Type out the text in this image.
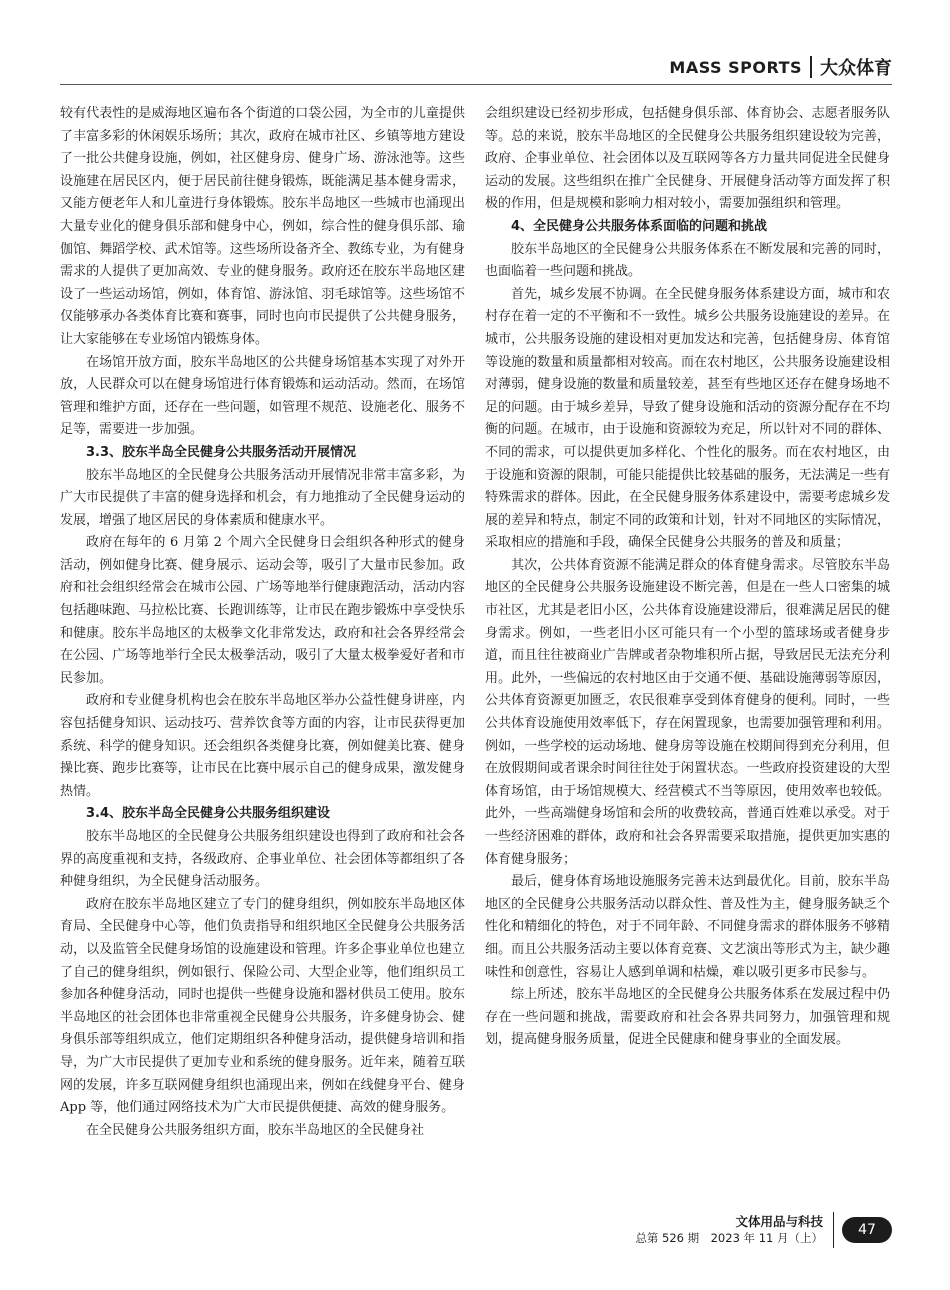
MASS SPORTS 大众体育

较有代表性的是威海地区遍布各个街道的口袋公园，为全市的儿童提供了丰富多彩的休闲娱乐场所；其次，政府在城市社区、乡镇等地方建设了一批公共健身设施，例如，社区健身房、健身广场、游泳池等。这些设施建在居民区内，便于居民前往健身锻炼，既能满足基本健身需求，又能方便老年人和儿童进行身体锻炼。胶东半岛地区一些城市也涌现出大量专业化的健身俱乐部和健身中心，例如，综合性的健身俱乐部、瑜伽馆、舞蹈学校、武术馆等。这些场所设备齐全、教练专业，为有健身需求的人提供了更加高效、专业的健身服务。政府还在胶东半岛地区建设了一些运动场馆，例如，体育馆、游泳馆、羽毛球馆等。这些场馆不仅能够承办各类体育比赛和赛事，同时也向市民提供了公共健身服务，让大家能够在专业场馆内锻炼身体。

在场馆开放方面，胶东半岛地区的公共健身场馆基本实现了对外开放，人民群众可以在健身场馆进行体育锻炼和运动活动。然而，在场馆管理和维护方面，还存在一些问题，如管理不规范、设施老化、服务不足等，需要进一步加强。

3.3、胶东半岛全民健身公共服务活动开展情况

胶东半岛地区的全民健身公共服务活动开展情况非常丰富多彩，为广大市民提供了丰富的健身选择和机会，有力地推动了全民健身运动的发展，增强了地区居民的身体素质和健康水平。

政府在每年的 6 月第 2 个周六全民健身日会组织各种形式的健身活动，例如健身比赛、健身展示、运动会等，吸引了大量市民参加。政府和社会组织经常会在城市公园、广场等地举行健康跑活动，活动内容包括趣味跑、马拉松比赛、长跑训练等，让市民在跑步锻炼中享受快乐和健康。胶东半岛地区的太极拳文化非常发达，政府和社会各界经常会在公园、广场等地举行全民太极拳活动，吸引了大量太极拳爱好者和市民参加。

政府和专业健身机构也会在胶东半岛地区举办公益性健身讲座，内容包括健身知识、运动技巧、营养饮食等方面的内容，让市民获得更加系统、科学的健身知识。还会组织各类健身比赛，例如健美比赛、健身操比赛、跑步比赛等，让市民在比赛中展示自己的健身成果，激发健身热情。

3.4、胶东半岛全民健身公共服务组织建设

胶东半岛地区的全民健身公共服务组织建设也得到了政府和社会各界的高度重视和支持，各级政府、企事业单位、社会团体等都组织了各种健身组织，为全民健身活动服务。

政府在胶东半岛地区建立了专门的健身组织，例如胶东半岛地区体育局、全民健身中心等，他们负责指导和组织地区全民健身公共服务活动，以及监管全民健身场馆的设施建设和管理。许多企事业单位也建立了自己的健身组织，例如银行、保险公司、大型企业等，他们组织员工参加各种健身活动，同时也提供一些健身设施和器材供员工使用。胶东半岛地区的社会团体也非常重视全民健身公共服务，许多健身协会、健身俱乐部等组织成立，他们定期组织各种健身活动，提供健身培训和指导，为广大市民提供了更加专业和系统的健身服务。近年来，随着互联网的发展，许多互联网健身组织也涌现出来，例如在线健身平台、健身 App 等，他们通过网络技术为广大市民提供便捷、高效的健身服务。

在全民健身公共服务组织方面，胶东半岛地区的全民健身社

会组织建设已经初步形成，包括健身俱乐部、体育协会、志愿者服务队等。总的来说，胶东半岛地区的全民健身公共服务组织建设较为完善，政府、企事业单位、社会团体以及互联网等各方力量共同促进全民健身运动的发展。这些组织在推广全民健身、开展健身活动等方面发挥了积极的作用，但是规模和影响力相对较小，需要加强组织和管理。

4、全民健身公共服务体系面临的问题和挑战

胶东半岛地区的全民健身公共服务体系在不断发展和完善的同时，也面临着一些问题和挑战。

首先，城乡发展不协调。在全民健身服务体系建设方面，城市和农村存在着一定的不平衡和不一致性。城乡公共服务设施建设的差异。在城市，公共服务设施的建设相对更加发达和完善，包括健身房、体育馆等设施的数量和质量都相对较高。而在农村地区，公共服务设施建设相对薄弱，健身设施的数量和质量较差，甚至有些地区还存在健身场地不足的问题。由于城乡差异，导致了健身设施和活动的资源分配存在不均衡的问题。在城市，由于设施和资源较为充足，所以针对不同的群体、不同的需求，可以提供更加多样化、个性化的服务。而在农村地区，由于设施和资源的限制，可能只能提供比较基础的服务，无法满足一些有特殊需求的群体。因此，在全民健身服务体系建设中，需要考虑城乡发展的差异和特点，制定不同的政策和计划，针对不同地区的实际情况，采取相应的措施和手段，确保全民健身公共服务的普及和质量；

其次，公共体育资源不能满足群众的体育健身需求。尽管胶东半岛地区的全民健身公共服务设施建设不断完善，但是在一些人口密集的城市社区，尤其是老旧小区，公共体育设施建设滞后，很难满足居民的健身需求。例如，一些老旧小区可能只有一个小型的篮球场或者健身步道，而且往往被商业广告牌或者杂物堆积所占据，导致居民无法充分利用。此外，一些偏远的农村地区由于交通不便、基础设施薄弱等原因，公共体育资源更加匮乏，农民很难享受到体育健身的便利。同时，一些公共体育设施使用效率低下，存在闲置现象，也需要加强管理和利用。例如，一些学校的运动场地、健身房等设施在校期间得到充分利用，但在放假期间或者课余时间往往处于闲置状态。一些政府投资建设的大型体育场馆，由于场馆规模大、经营模式不当等原因，使用效率也较低。此外，一些高端健身场馆和会所的收费较高，普通百姓难以承受。对于一些经济困难的群体，政府和社会各界需要采取措施，提供更加实惠的体育健身服务；

最后，健身体育场地设施服务完善未达到最优化。目前，胶东半岛地区的全民健身公共服务活动以群众性、普及性为主，健身服务缺乏个性化和精细化的特色，对于不同年龄、不同健身需求的群体服务不够精细。而且公共服务活动主要以体育竞赛、文艺演出等形式为主，缺少趣味性和创意性，容易让人感到单调和枯燥，难以吸引更多市民参与。

综上所述，胶东半岛地区的全民健身公共服务体系在发展过程中仍存在一些问题和挑战，需要政府和社会各界共同努力，加强管理和规划，提高健身服务质量，促进全民健康和健身事业的全面发展。

文体用品与科技
总第 526 期　2023 年 11 月（上）	47
